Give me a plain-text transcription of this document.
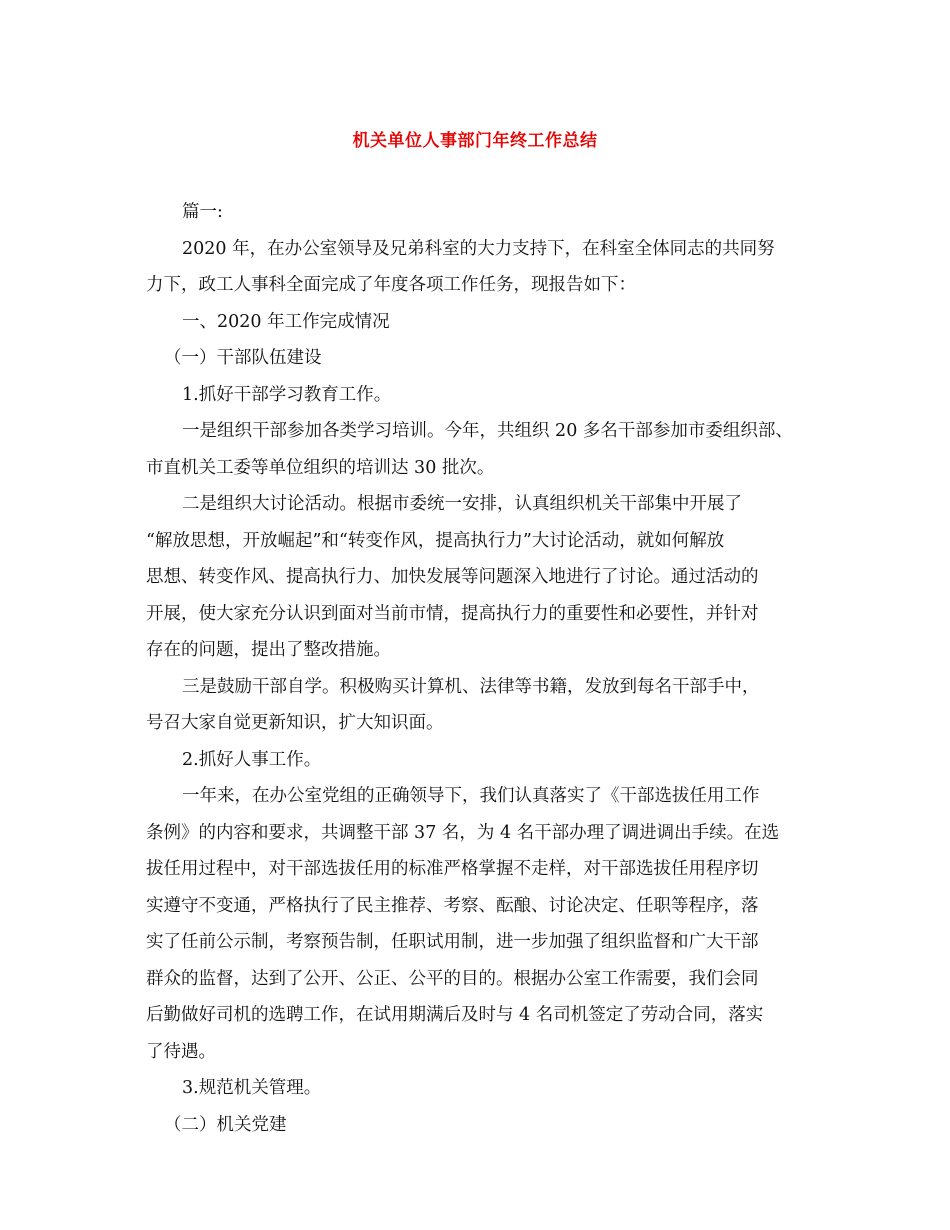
机关单位人事部门年终工作总结
篇一:
2020 年，在办公室领导及兄弟科室的大力支持下，在科室全体同志的共同努
力下，政工人事科全面完成了年度各项工作任务，现报告如下：
一、2020 年工作完成情况
（一）干部队伍建设
1.抓好干部学习教育工作。
一是组织干部参加各类学习培训。今年，共组织 20 多名干部参加市委组织部、
市直机关工委等单位组织的培训达 30 批次。
二是组织大讨论活动。根据市委统一安排，认真组织机关干部集中开展了
“解放思想，开放崛起”和“转变作风，提高执行力”大讨论活动，就如何解放
思想、转变作风、提高执行力、加快发展等问题深入地进行了讨论。通过活动的
开展，使大家充分认识到面对当前市情，提高执行力的重要性和必要性，并针对
存在的问题，提出了整改措施。
三是鼓励干部自学。积极购买计算机、法律等书籍，发放到每名干部手中，
号召大家自觉更新知识，扩大知识面。
2.抓好人事工作。
一年来，在办公室党组的正确领导下，我们认真落实了《干部选拔任用工作
条例》的内容和要求，共调整干部 37 名，为 4 名干部办理了调进调出手续。在选
拔任用过程中，对干部选拔任用的标准严格掌握不走样，对干部选拔任用程序切
实遵守不变通，严格执行了民主推荐、考察、酝酿、讨论决定、任职等程序，落
实了任前公示制，考察预告制，任职试用制，进一步加强了组织监督和广大干部
群众的监督，达到了公开、公正、公平的目的。根据办公室工作需要，我们会同
后勤做好司机的选聘工作，在试用期满后及时与 4 名司机签定了劳动合同，落实
了待遇。
3.规范机关管理。
（二）机关党建
